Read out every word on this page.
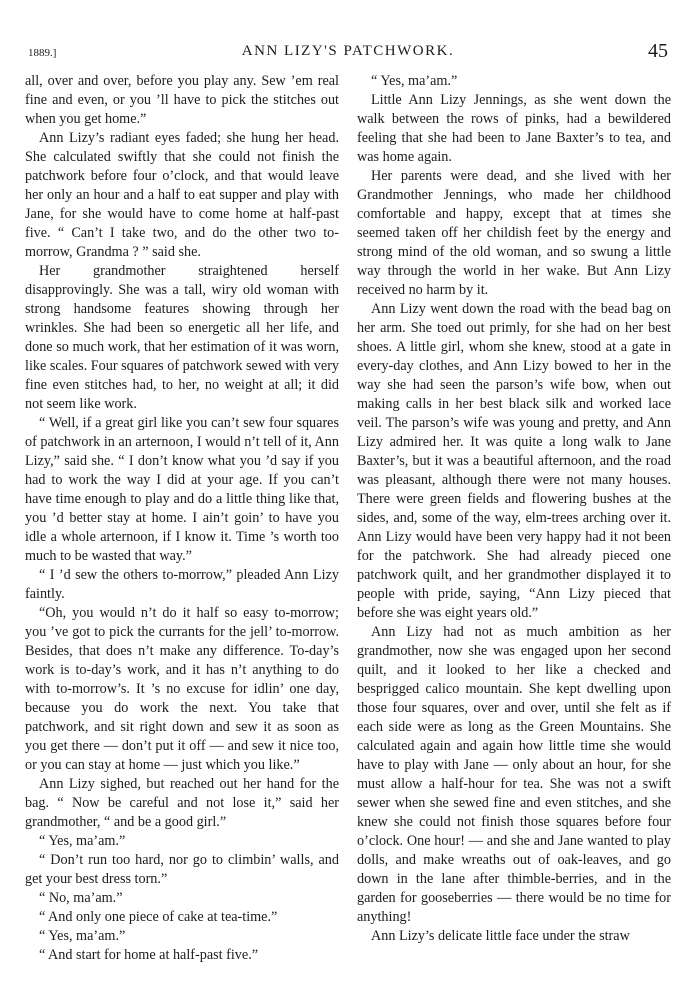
1889.]	ANN LIZY'S PATCHWORK.	45

all, over and over, before you play any. Sew ’em real fine and even, or you ’ll have to pick the stitches out when you get home.”

Ann Lizy’s radiant eyes faded; she hung her head. She calculated swiftly that she could not finish the patchwork before four o’clock, and that would leave her only an hour and a half to eat supper and play with Jane, for she would have to come home at half-past five. “ Can’t I take two, and do the other two to-morrow, Grandma ? ” said she.

Her grandmother straightened herself disapprovingly. She was a tall, wiry old woman with strong handsome features showing through her wrinkles. She had been so energetic all her life, and done so much work, that her estimation of it was worn, like scales. Four squares of patchwork sewed with very fine even stitches had, to her, no weight at all; it did not seem like work.

“ Well, if a great girl like you can’t sew four squares of patchwork in an arternoon, I would n’t tell of it, Ann Lizy,” said she. “ I don’t know what you ’d say if you had to work the way I did at your age. If you can’t have time enough to play and do a little thing like that, you ’d better stay at home. I ain’t goin’ to have you idle a whole arternoon, if I know it. Time ’s worth too much to be wasted that way.”

“ I ’d sew the others to-morrow,” pleaded Ann Lizy faintly.

“Oh, you would n’t do it half so easy to-morrow; you ’ve got to pick the currants for the jell’ to-morrow. Besides, that does n’t make any difference. To-day’s work is to-day’s work, and it has n’t anything to do with to-morrow’s. It ’s no excuse for idlin’ one day, because you do work the next. You take that patchwork, and sit right down and sew it as soon as you get there — don’t put it off — and sew it nice too, or you can stay at home — just which you like.”

Ann Lizy sighed, but reached out her hand for the bag. “ Now be careful and not lose it,” said her grandmother, “ and be a good girl.”

“ Yes, ma’am.”

“ Don’t run too hard, nor go to climbin’ walls, and get your best dress torn.”

“ No, ma’am.”

“ And only one piece of cake at tea-time.”

“ Yes, ma’am.”

“ And start for home at half-past five.”

“ Yes, ma’am.”

Little Ann Lizy Jennings, as she went down the walk between the rows of pinks, had a bewildered feeling that she had been to Jane Baxter’s to tea, and was home again.

Her parents were dead, and she lived with her Grandmother Jennings, who made her childhood comfortable and happy, except that at times she seemed taken off her childish feet by the energy and strong mind of the old woman, and so swung a little way through the world in her wake. But Ann Lizy received no harm by it.

Ann Lizy went down the road with the bead bag on her arm. She toed out primly, for she had on her best shoes. A little girl, whom she knew, stood at a gate in every-day clothes, and Ann Lizy bowed to her in the way she had seen the parson’s wife bow, when out making calls in her best black silk and worked lace veil. The parson’s wife was young and pretty, and Ann Lizy admired her. It was quite a long walk to Jane Baxter’s, but it was a beautiful afternoon, and the road was pleasant, although there were not many houses. There were green fields and flowering bushes at the sides, and, some of the way, elm-trees arching over it. Ann Lizy would have been very happy had it not been for the patchwork. She had already pieced one patchwork quilt, and her grandmother displayed it to people with pride, saying, “Ann Lizy pieced that before she was eight years old.”

Ann Lizy had not as much ambition as her grandmother, now she was engaged upon her second quilt, and it looked to her like a checked and besprigged calico mountain. She kept dwelling upon those four squares, over and over, until she felt as if each side were as long as the Green Mountains. She calculated again and again how little time she would have to play with Jane — only about an hour, for she must allow a half-hour for tea. She was not a swift sewer when she sewed fine and even stitches, and she knew she could not finish those squares before four o’clock. One hour! — and she and Jane wanted to play dolls, and make wreaths out of oak-leaves, and go down in the lane after thimble-berries, and in the garden for gooseberries — there would be no time for anything!

Ann Lizy’s delicate little face under the straw
